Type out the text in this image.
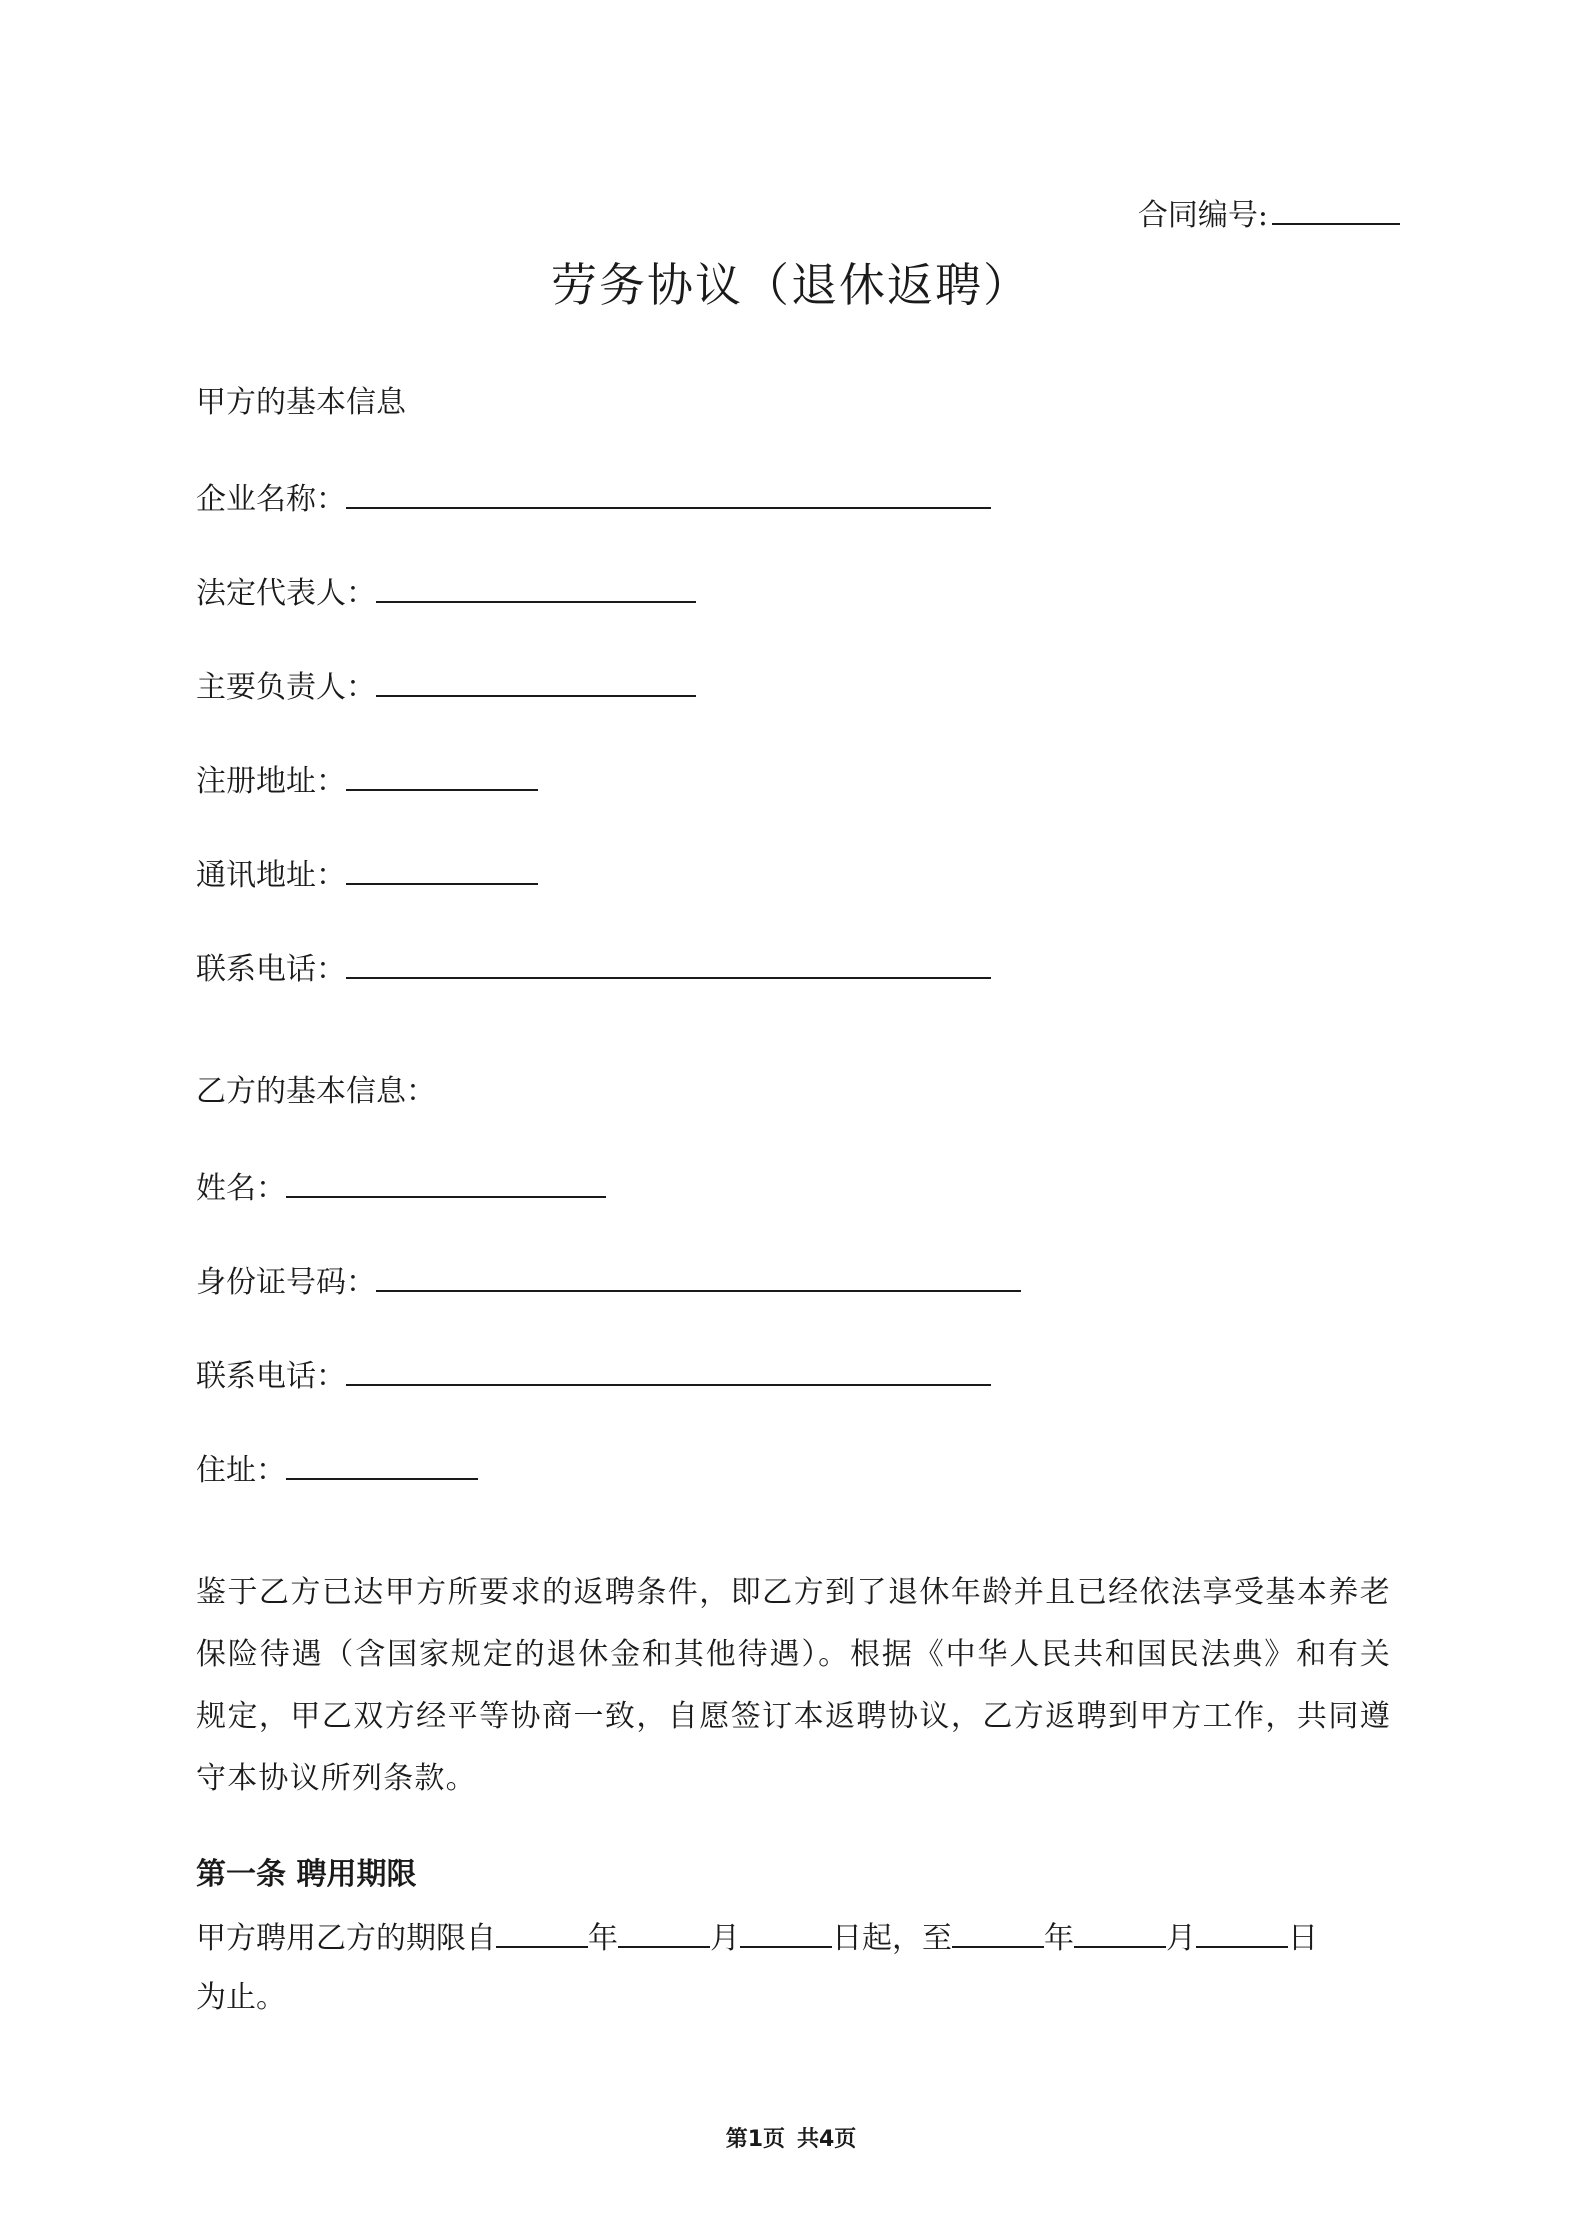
合同编号:
劳务协议（退休返聘）
甲方的基本信息
企业名称：
法定代表人：
主要负责人：
注册地址：
通讯地址：
联系电话：
乙方的基本信息：
姓名：
身份证号码：
联系电话：
住址：
鉴于乙方已达甲方所要求的返聘条件，即乙方到了退休年龄并且已经依法享受基本养老保险待遇（含国家规定的退休金和其他待遇）。根据《中华人民共和国民法典》和有关规定，甲乙双方经平等协商一致，自愿签订本返聘协议，乙方返聘到甲方工作，共同遵守本协议所列条款。
第一条 聘用期限
甲方聘用乙方的期限自	年	月	日起，至	年	月	日
为止。
第1页 共4页
